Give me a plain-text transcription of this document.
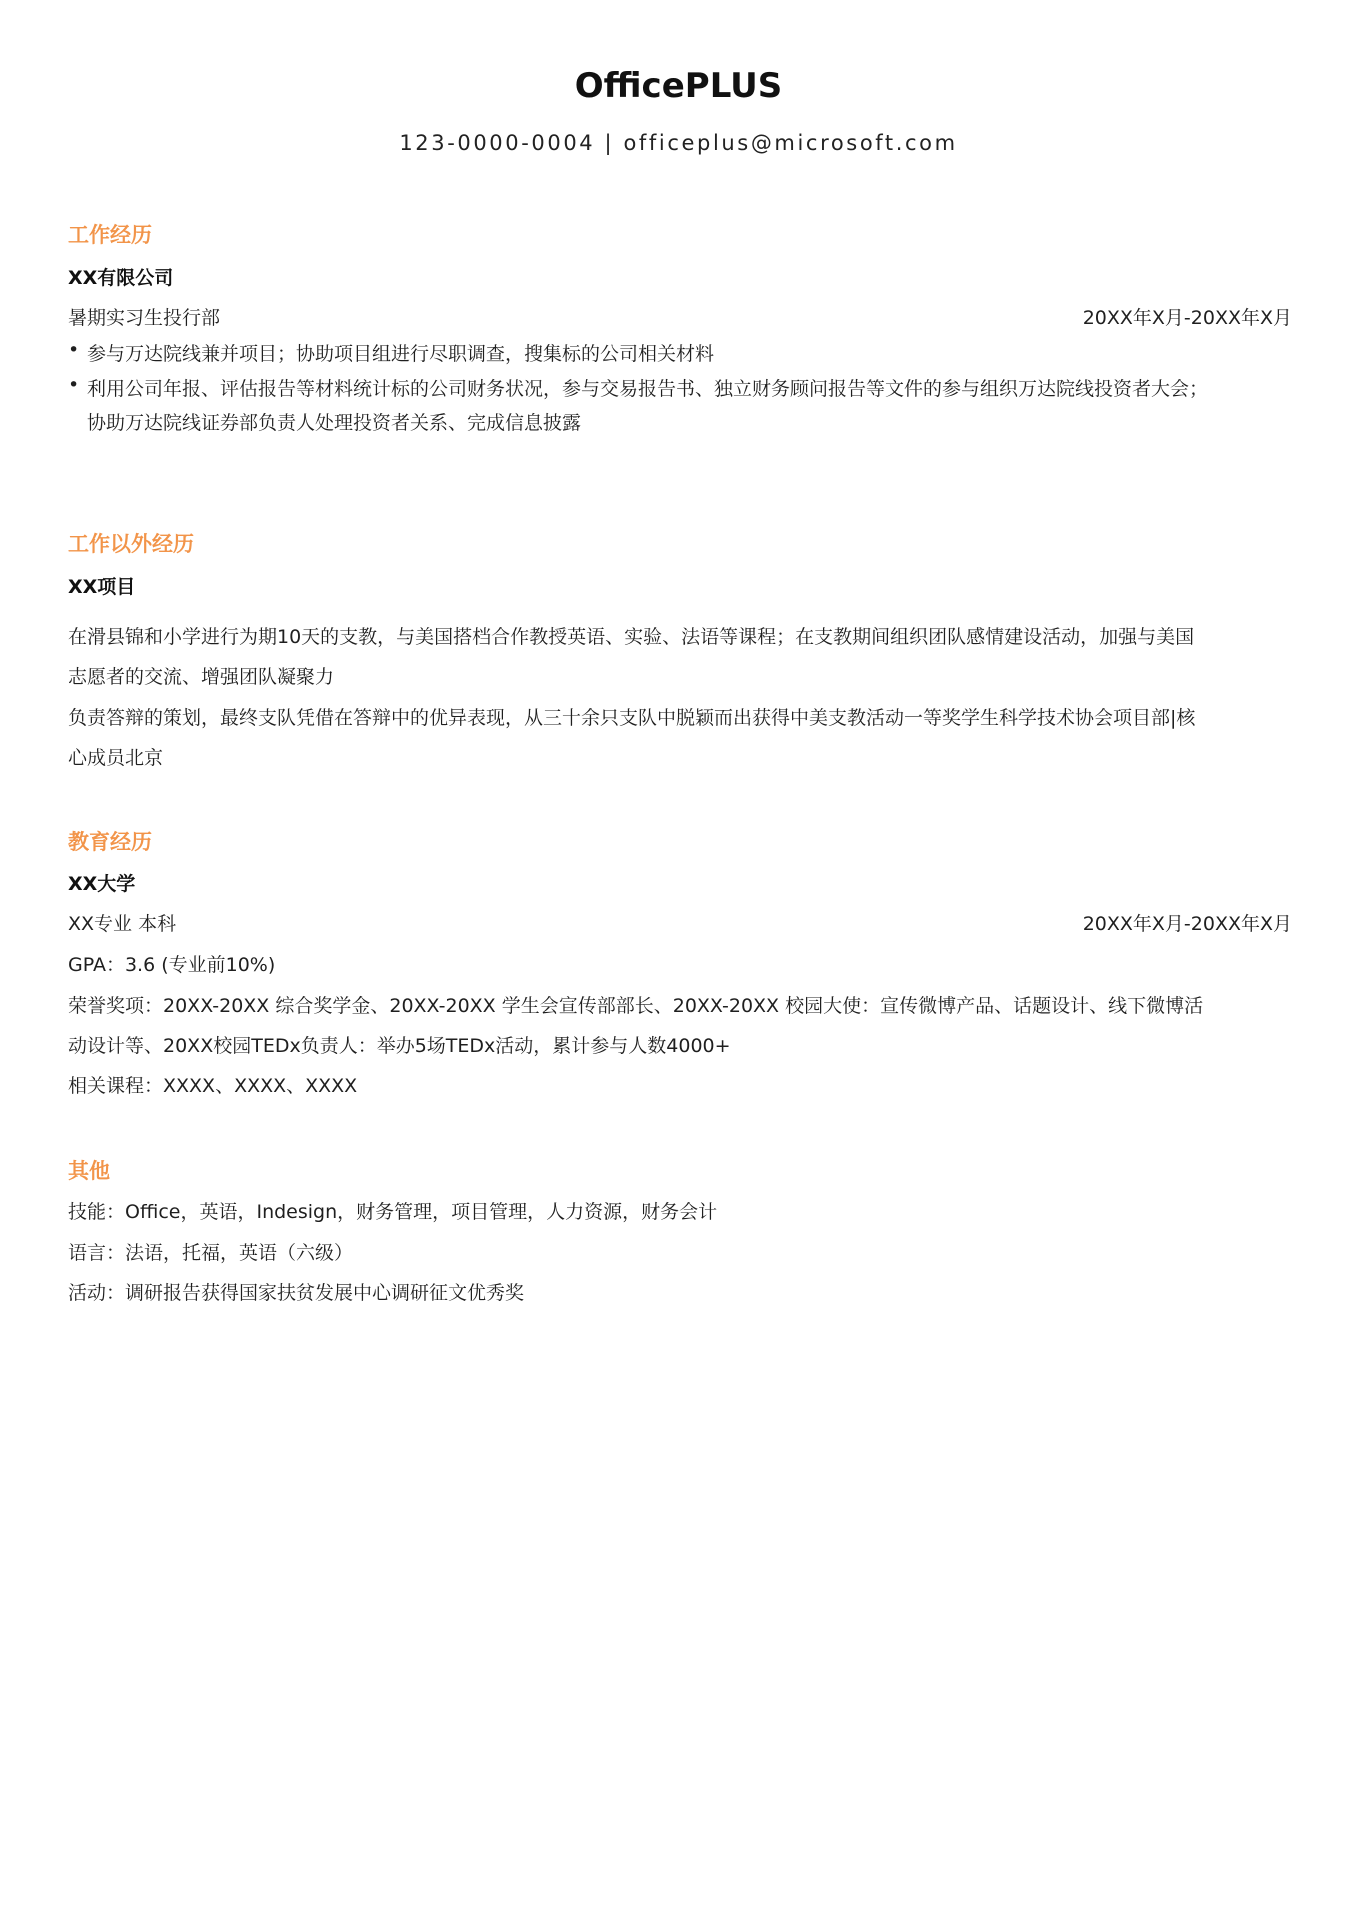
OfficePLUS
123-0000-0004 | officeplus@microsoft.com
工作经历
XX有限公司
暑期实习生投行部	20XX年X月-20XX年X月
• 参与万达院线兼并项目；协助项目组进行尽职调查，搜集标的公司相关材料
• 利用公司年报、评估报告等材料统计标的公司财务状况，参与交易报告书、独立财务顾问报告等文件的参与组织万达院线投资者大会；
协助万达院线证券部负责人处理投资者关系、完成信息披露
工作以外经历
XX项目
在滑县锦和小学进行为期10天的支教，与美国搭档合作教授英语、实验、法语等课程；在支教期间组织团队感情建设活动，加强与美国
志愿者的交流、增强团队凝聚力
负责答辩的策划，最终支队凭借在答辩中的优异表现，从三十余只支队中脱颖而出获得中美支教活动一等奖学生科学技术协会项目部|核
心成员北京
教育经历
XX大学
XX专业 本科	20XX年X月-20XX年X月
GPA：3.6 (专业前10%)
荣誉奖项：20XX-20XX 综合奖学金、20XX-20XX 学生会宣传部部长、20XX-20XX 校园大使：宣传微博产品、话题设计、线下微博活
动设计等、20XX校园TEDx负责人：举办5场TEDx活动，累计参与人数4000+
相关课程：XXXX、XXXX、XXXX
其他
技能：Office，英语，Indesign，财务管理，项目管理，人力资源，财务会计
语言：法语，托福，英语（六级）
活动：调研报告获得国家扶贫发展中心调研征文优秀奖
